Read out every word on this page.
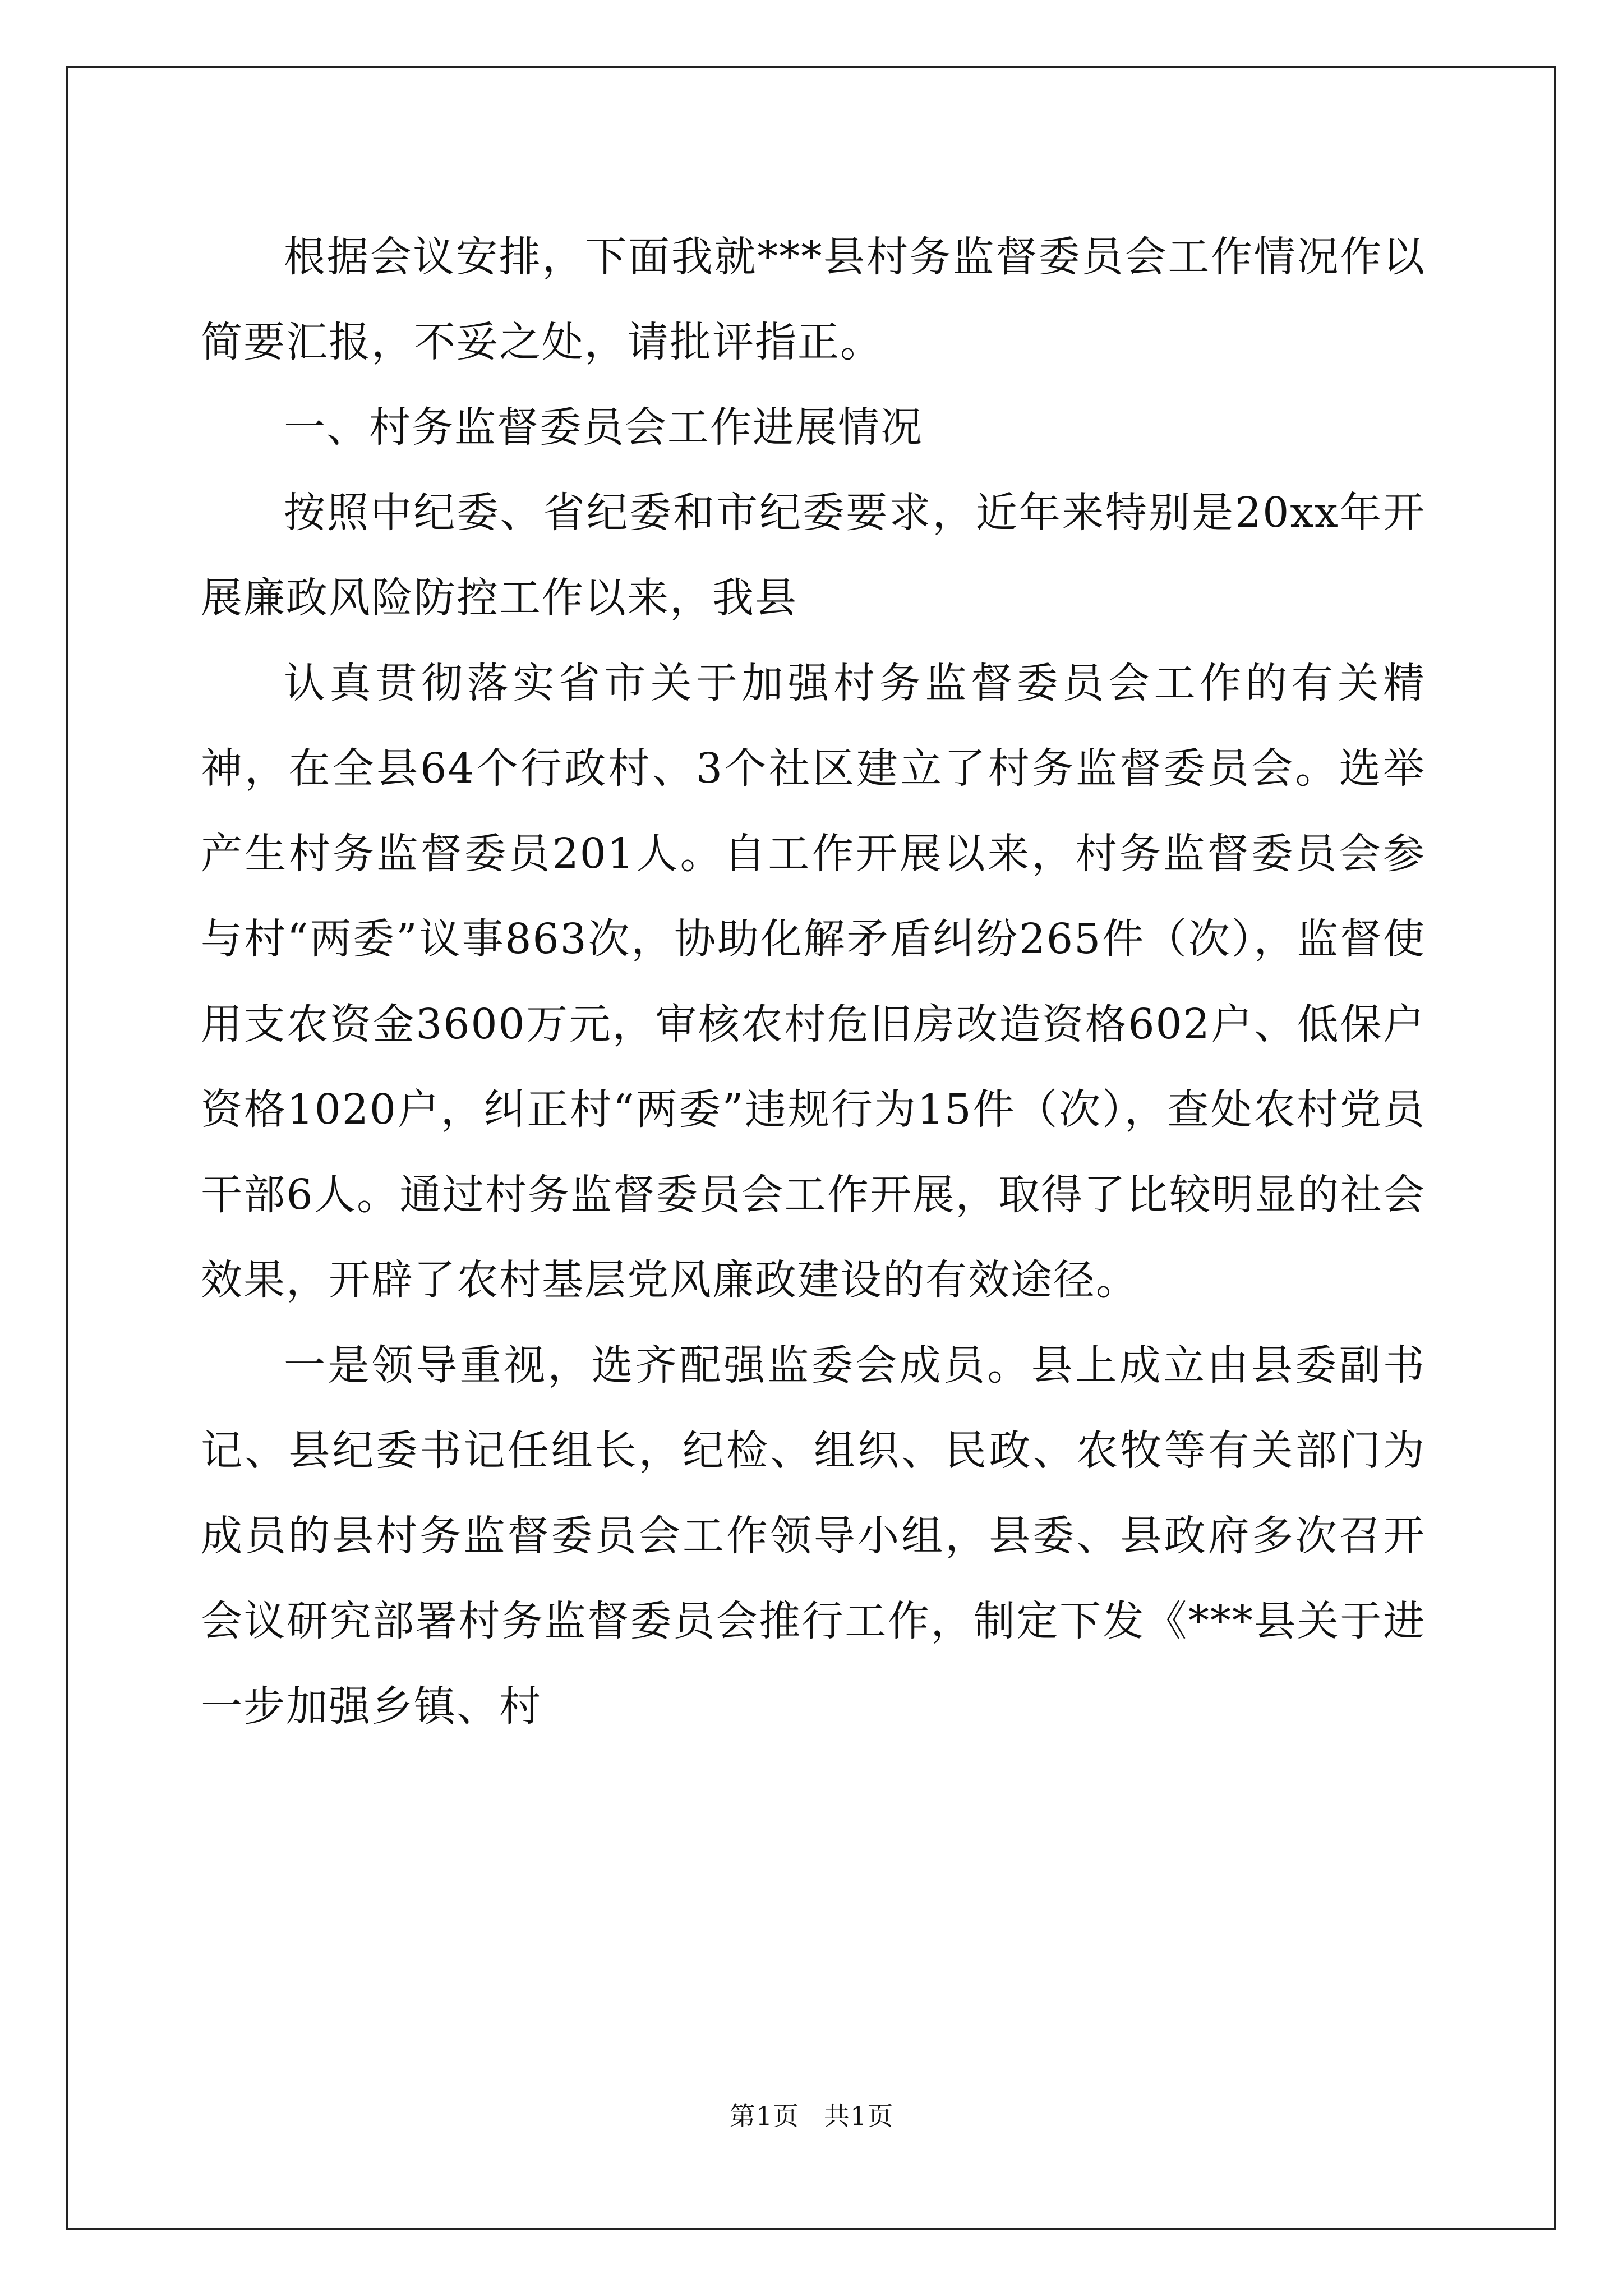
根据会议安排，下面我就***县村务监督委员会工作情况作以简要汇报，不妥之处，请批评指正。

一、村务监督委员会工作进展情况

按照中纪委、省纪委和市纪委要求，近年来特别是20xx年开展廉政风险防控工作以来，我县

认真贯彻落实省市关于加强村务监督委员会工作的有关精神，在全县64个行政村、3个社区建立了村务监督委员会。选举产生村务监督委员201人。自工作开展以来，村务监督委员会参与村“两委”议事863次，协助化解矛盾纠纷265件（次），监督使用支农资金3600万元，审核农村危旧房改造资格602户、低保户资格1020户，纠正村“两委”违规行为15件（次），查处农村党员干部6人。通过村务监督委员会工作开展，取得了比较明显的社会效果，开辟了农村基层党风廉政建设的有效途径。

一是领导重视，选齐配强监委会成员。县上成立由县委副书记、县纪委书记任组长，纪检、组织、民政、农牧等有关部门为成员的县村务监督委员会工作领导小组，县委、县政府多次召开会议研究部署村务监督委员会推行工作，制定下发《***县关于进一步加强乡镇、村

第1页 共1页
